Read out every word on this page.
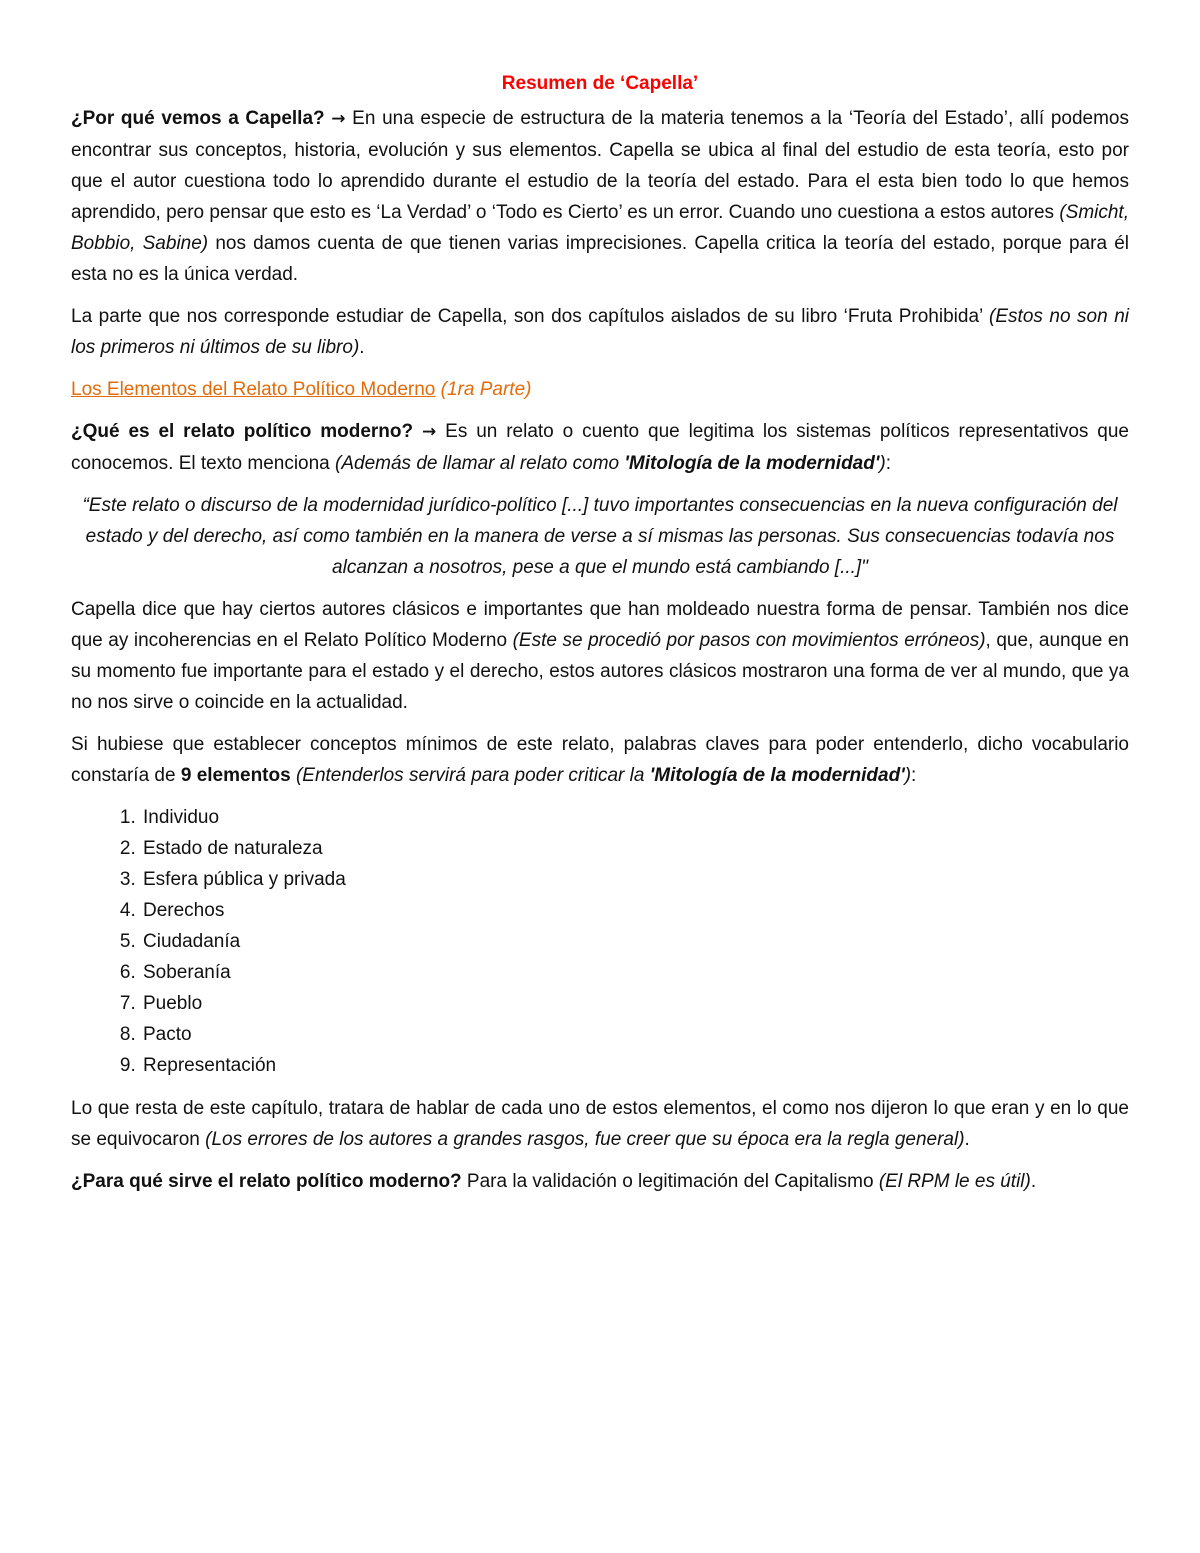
Resumen de ‘Capella’

¿Por qué vemos a Capella? → En una especie de estructura de la materia tenemos a la ‘Teoría del Estado’, allí podemos encontrar sus conceptos, historia, evolución y sus elementos. Capella se ubica al final del estudio de esta teoría, esto por que el autor cuestiona todo lo aprendido durante el estudio de la teoría del estado. Para el esta bien todo lo que hemos aprendido, pero pensar que esto es ‘La Verdad’ o ‘Todo es Cierto’ es un error. Cuando uno cuestiona a estos autores (Smicht, Bobbio, Sabine) nos damos cuenta de que tienen varias imprecisiones. Capella critica la teoría del estado, porque para él esta no es la única verdad.

La parte que nos corresponde estudiar de Capella, son dos capítulos aislados de su libro ‘Fruta Prohibida’ (Estos no son ni los primeros ni últimos de su libro).

Los Elementos del Relato Político Moderno (1ra Parte)

¿Qué es el relato político moderno? → Es un relato o cuento que legitima los sistemas políticos representativos que conocemos. El texto menciona (Además de llamar al relato como 'Mitología de la modernidad'):

“Este relato o discurso de la modernidad jurídico-político [...] tuvo importantes consecuencias en la nueva configuración del estado y del derecho, así como también en la manera de verse a sí mismas las personas. Sus consecuencias todavía nos alcanzan a nosotros, pese a que el mundo está cambiando [...]"

Capella dice que hay ciertos autores clásicos e importantes que han moldeado nuestra forma de pensar. También nos dice que ay incoherencias en el Relato Político Moderno (Este se procedió por pasos con movimientos erróneos), que, aunque en su momento fue importante para el estado y el derecho, estos autores clásicos mostraron una forma de ver al mundo, que ya no nos sirve o coincide en la actualidad.

Si hubiese que establecer conceptos mínimos de este relato, palabras claves para poder entenderlo, dicho vocabulario constaría de 9 elementos (Entenderlos servirá para poder criticar la 'Mitología de la modernidad'):

1. Individuo
2. Estado de naturaleza
3. Esfera pública y privada
4. Derechos
5. Ciudadanía
6. Soberanía
7. Pueblo
8. Pacto
9. Representación

Lo que resta de este capítulo, tratara de hablar de cada uno de estos elementos, el como nos dijeron lo que eran y en lo que se equivocaron (Los errores de los autores a grandes rasgos, fue creer que su época era la regla general).

¿Para qué sirve el relato político moderno? Para la validación o legitimación del Capitalismo (El RPM le es útil).
